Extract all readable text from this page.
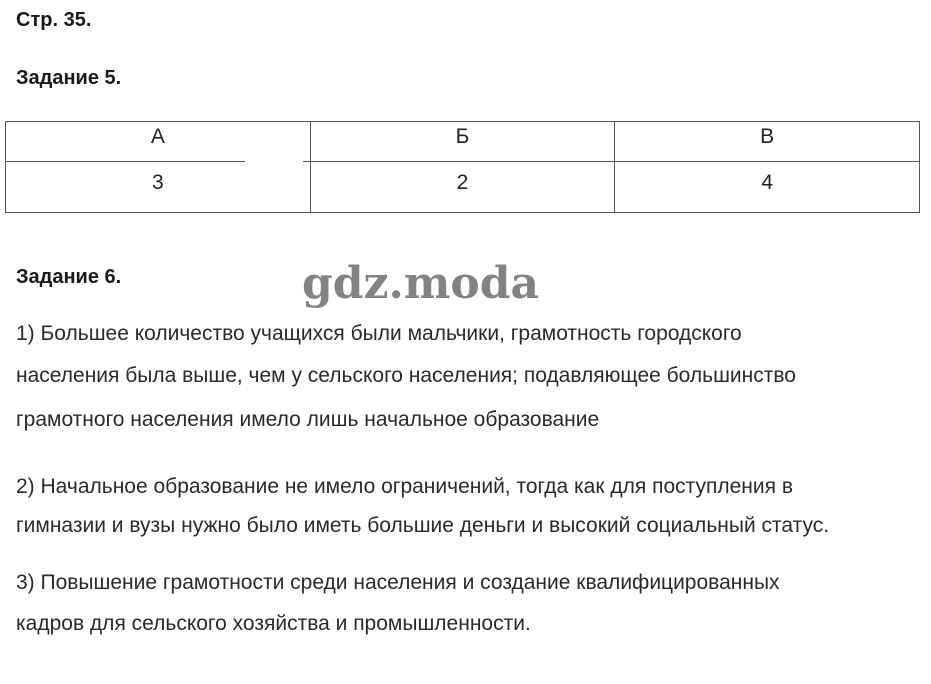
Стр. 35.
Задание 5.
А	Б	В
3	2	4
Задание 6.	gdz.moda

1) Большее количество учащихся были мальчики, грамотность городского
населения была выше, чем у сельского населения; подавляющее большинство
грамотного населения имело лишь начальное образование

2) Начальное образование не имело ограничений, тогда как для поступления в
гимназии и вузы нужно было иметь большие деньги и высокий социальный статус.

3) Повышение грамотности среди населения и создание квалифицированных
кадров для сельского хозяйства и промышленности.
